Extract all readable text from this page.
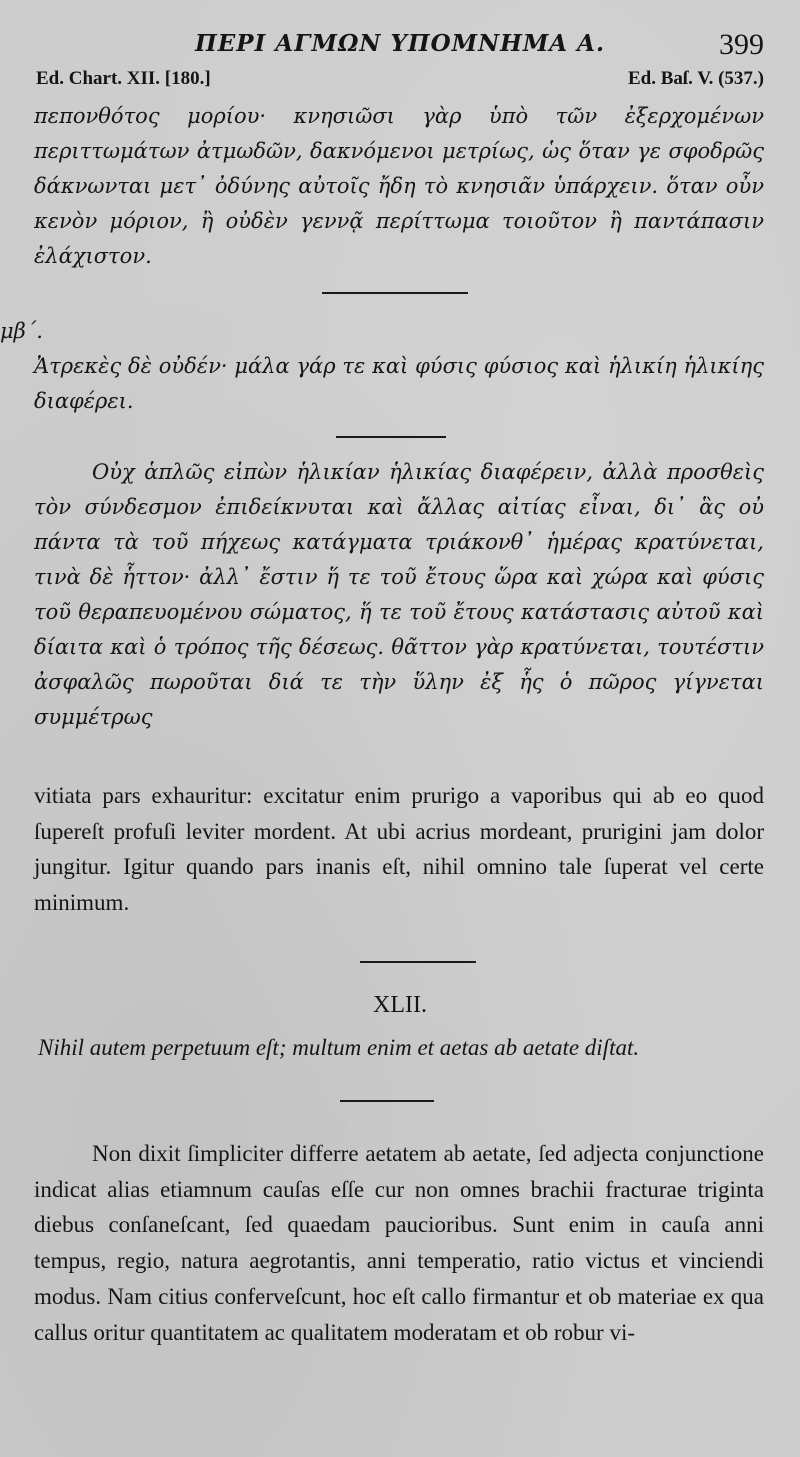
ΠΕΡΙ ΑΓΜΩΝ ΥΠΟΜΝΗΜΑ Α.	399
Ed. Chart. XII. [180.]	Ed. Baſ. V. (537.)
πεπονθότος μορίου· κνησιῶσι γὰρ ὑπὸ τῶν ἐξερχομένων περιττωμάτων ἀτμωδῶν, δακνόμενοι μετρίως, ὡς ὅταν γε σφοδρῶς δάκνωνται μετ᾽ ὀδύνης αὐτοῖς ἤδη τὸ κνησιᾶν ὑπάρχειν. ὅταν οὖν κενὸν μόριον, ἢ οὐδὲν γεννᾷ περίττωμα τοιοῦτον ἢ παντάπασιν ἐλάχιστον.
μβ΄.
Ἀτρεκὲς δὲ οὐδέν· μάλα γάρ τε καὶ φύσις φύσιος καὶ ἡλικίη ἡλικίης διαφέρει.
Οὐχ ἁπλῶς εἰπὼν ἡλικίαν ἡλικίας διαφέρειν, ἀλλὰ προσθεὶς τὸν σύνδεσμον ἐπιδείκνυται καὶ ἄλλας αἰτίας εἶναι, δι᾽ ἃς οὐ πάντα τὰ τοῦ πήχεως κατάγματα τριάκονθ᾽ ἡμέρας κρατύνεται, τινὰ δὲ ἧττον· ἀλλ᾽ ἔστιν ἥ τε τοῦ ἔτους ὥρα καὶ χώρα καὶ φύσις τοῦ θεραπευομένου σώματος, ἥ τε τοῦ ἔτους κατάστασις αὐτοῦ καὶ δίαιτα καὶ ὁ τρόπος τῆς δέσεως. θᾶττον γὰρ κρατύνεται, τουτέστιν ἀσφαλῶς πωροῦται διά τε τὴν ὕλην ἐξ ἧς ὁ πῶρος γίγνεται συμμέτρως
vitiata pars exhauritur: excitatur enim prurigo a vaporibus qui ab eo quod ſupereſt profuſi leviter mordent. At ubi acrius mordeant, prurigini jam dolor jungitur. Igitur quando pars inanis eſt, nihil omnino tale ſuperat vel certe minimum.
XLII.
Nihil autem perpetuum eſt; multum enim et aetas ab aetate diſtat.
Non dixit ſimpliciter differre aetatem ab aetate, ſed adjecta conjunctione indicat alias etiamnum cauſas eſſe cur non omnes brachii fracturae triginta diebus conſaneſcant, ſed quaedam paucioribus. Sunt enim in cauſa anni tempus, regio, natura aegrotantis, anni temperatio, ratio victus et vinciendi modus. Nam citius conferveſcunt, hoc eſt callo firmantur et ob materiae ex qua callus oritur quantitatem ac qualitatem moderatam et ob robur vi-
